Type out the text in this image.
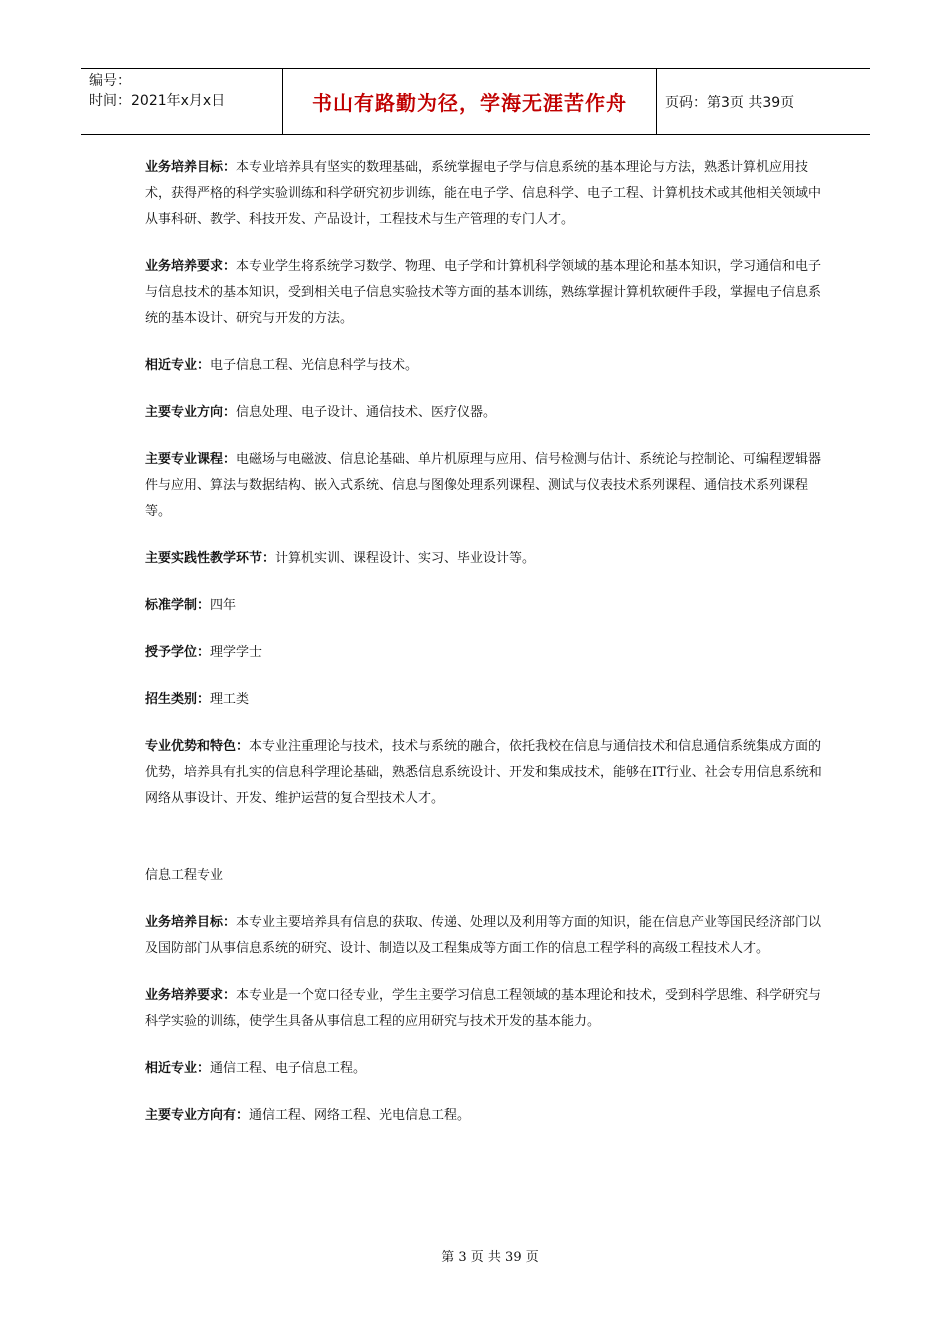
编号：
时间：2021年x月x日	书山有路勤为径，学海无涯苦作舟	页码：第3页 共39页

业务培养目标：本专业培养具有坚实的数理基础，系统掌握电子学与信息系统的基本理论与方法，熟悉计算机应用技术，获得严格的科学实验训练和科学研究初步训练，能在电子学、信息科学、电子工程、计算机技术或其他相关领域中从事科研、教学、科技开发、产品设计，工程技术与生产管理的专门人才。

业务培养要求：本专业学生将系统学习数学、物理、电子学和计算机科学领域的基本理论和基本知识，学习通信和电子与信息技术的基本知识，受到相关电子信息实验技术等方面的基本训练，熟练掌握计算机软硬件手段，掌握电子信息系统的基本设计、研究与开发的方法。

相近专业：电子信息工程、光信息科学与技术。

主要专业方向：信息处理、电子设计、通信技术、医疗仪器。

主要专业课程：电磁场与电磁波、信息论基础、单片机原理与应用、信号检测与估计、系统论与控制论、可编程逻辑器件与应用、算法与数据结构、嵌入式系统、信息与图像处理系列课程、测试与仪表技术系列课程、通信技术系列课程等。

主要实践性教学环节：计算机实训、课程设计、实习、毕业设计等。

标准学制：四年

授予学位：理学学士

招生类别：理工类

专业优势和特色：本专业注重理论与技术，技术与系统的融合，依托我校在信息与通信技术和信息通信系统集成方面的优势，培养具有扎实的信息科学理论基础，熟悉信息系统设计、开发和集成技术，能够在IT行业、社会专用信息系统和网络从事设计、开发、维护运营的复合型技术人才。

信息工程专业

业务培养目标：本专业主要培养具有信息的获取、传递、处理以及利用等方面的知识，能在信息产业等国民经济部门以及国防部门从事信息系统的研究、设计、制造以及工程集成等方面工作的信息工程学科的高级工程技术人才。

业务培养要求：本专业是一个宽口径专业，学生主要学习信息工程领域的基本理论和技术，受到科学思维、科学研究与科学实验的训练，使学生具备从事信息工程的应用研究与技术开发的基本能力。

相近专业：通信工程、电子信息工程。

主要专业方向有：通信工程、网络工程、光电信息工程。

第 3 页 共 39 页
